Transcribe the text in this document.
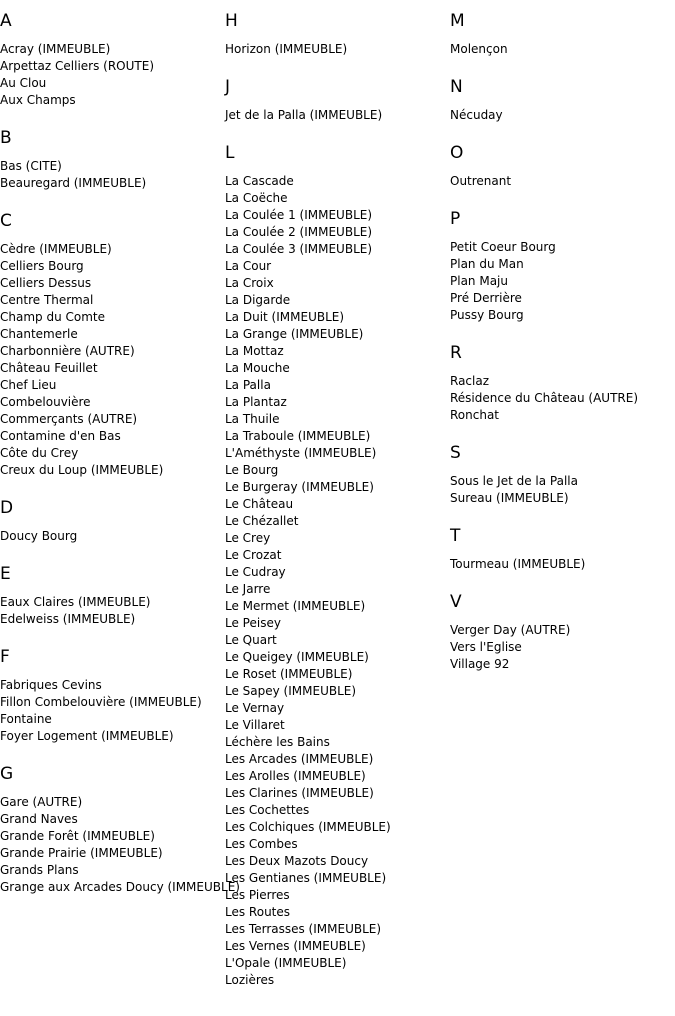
A
Acray (IMMEUBLE)
Arpettaz Celliers (ROUTE)
Au Clou
Aux Champs
B
Bas (CITE)
Beauregard (IMMEUBLE)
C
Cèdre (IMMEUBLE)
Celliers Bourg
Celliers Dessus
Centre Thermal
Champ du Comte
Chantemerle
Charbonnière (AUTRE)
Château Feuillet
Chef Lieu
Combelouvière
Commerçants (AUTRE)
Contamine d'en Bas
Côte du Crey
Creux du Loup (IMMEUBLE)
D
Doucy Bourg
E
Eaux Claires (IMMEUBLE)
Edelweiss (IMMEUBLE)
F
Fabriques Cevins
Fillon Combelouvière (IMMEUBLE)
Fontaine
Foyer Logement (IMMEUBLE)
G
Gare (AUTRE)
Grand Naves
Grande Forêt (IMMEUBLE)
Grande Prairie (IMMEUBLE)
Grands Plans
Grange aux Arcades Doucy (IMMEUBLE)
H
Horizon (IMMEUBLE)
J
Jet de la Palla (IMMEUBLE)
L
La Cascade
La Coëche
La Coulée 1 (IMMEUBLE)
La Coulée 2 (IMMEUBLE)
La Coulée 3 (IMMEUBLE)
La Cour
La Croix
La Digarde
La Duit (IMMEUBLE)
La Grange (IMMEUBLE)
La Mottaz
La Mouche
La Palla
La Plantaz
La Thuile
La Traboule (IMMEUBLE)
L'Améthyste (IMMEUBLE)
Le Bourg
Le Burgeray (IMMEUBLE)
Le Château
Le Chézallet
Le Crey
Le Crozat
Le Cudray
Le Jarre
Le Mermet (IMMEUBLE)
Le Peisey
Le Quart
Le Queigey (IMMEUBLE)
Le Roset (IMMEUBLE)
Le Sapey (IMMEUBLE)
Le Vernay
Le Villaret
Léchère les Bains
Les Arcades (IMMEUBLE)
Les Arolles (IMMEUBLE)
Les Clarines (IMMEUBLE)
Les Cochettes
Les Colchiques (IMMEUBLE)
Les Combes
Les Deux Mazots Doucy
Les Gentianes (IMMEUBLE)
Les Pierres
Les Routes
Les Terrasses (IMMEUBLE)
Les Vernes (IMMEUBLE)
L'Opale (IMMEUBLE)
Lozières
M
Molençon
N
Nécuday
O
Outrenant
P
Petit Coeur Bourg
Plan du Man
Plan Maju
Pré Derrière
Pussy Bourg
R
Raclaz
Résidence du Château (AUTRE)
Ronchat
S
Sous le Jet de la Palla
Sureau (IMMEUBLE)
T
Tourmeau (IMMEUBLE)
V
Verger Day (AUTRE)
Vers l'Eglise
Village 92
